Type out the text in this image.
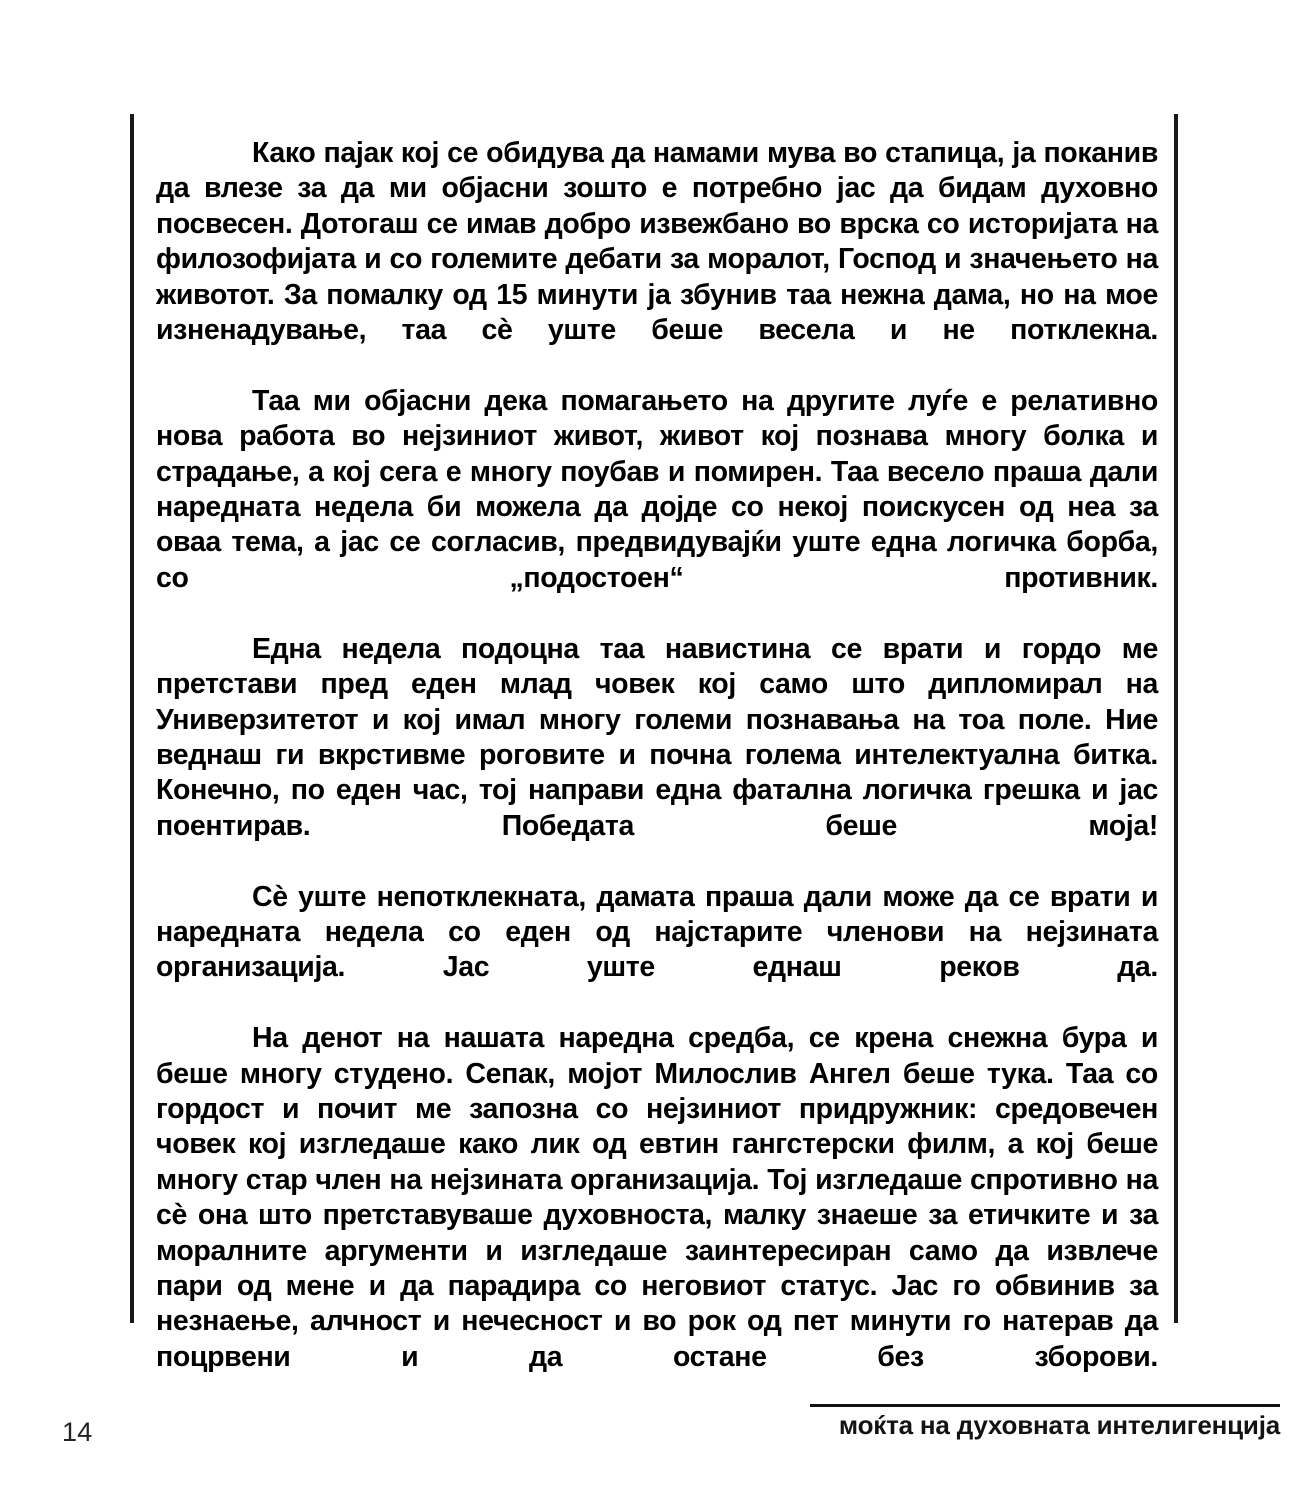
Како пајак кој се обидува да намами мува во стапица, ја поканив да влезе за да ми објасни зошто е потребно јас да бидам духовно посвесен. Дотогаш се имав добро извежбано во врска со историјата на филозофијата и со големите дебати за моралот, Господ и значењето на животот. За помалку од 15 минути ја збунив таа нежна дама, но на мое изненадување, таа сѐ уште беше весела и не потклекна.

Таа ми објасни дека помагањето на другите луѓе е релативно нова работа во нејзиниот живот, живот кој познава многу болка и страдање, а кој сега е многу поубав и помирен. Таа весело праша дали наредната недела би можела да дојде со некој поискусен од неа за оваа тема, а јас се согласив, предвидувајќи уште една логичка борба, со „подостоен“ противник.

Една недела подоцна таа навистина се врати и гордо ме претстави пред еден млад човек кој само што дипломирал на Универзитетот и кој имал многу големи познавања на тоа поле. Ние веднаш ги вкрстивме роговите и почна голема интелектуална битка. Конечно, по еден час, тој направи една фатална логичка грешка и јас поентирав. Победата беше моја!

Сѐ уште непотклекната, дамата праша дали може да се врати и наредната недела со еден од најстарите членови на нејзината организација. Јас уште еднаш реков да.

На денот на нашата наредна средба, се крена снежна бура и беше многу студено. Сепак, мојот Милослив Ангел беше тука. Таа со гордост и почит ме запозна со нејзиниот придружник: средовечен човек кој изгледаше како лик од евтин гангстерски филм, а кој беше многу стар член на нејзината организација. Тој изгледаше спротивно на сѐ она што претставуваше духовноста, малку знаеше за етичките и за моралните аргументи и изгледаше заинтересиран само да извлече пари од мене и да парадира со неговиот статус. Јас го обвинив за незнаење, алчност и нечесност и во рок од пет минути го натерав да поцрвени и да остане без зборови.

14	моќта на духовната интелигенција
